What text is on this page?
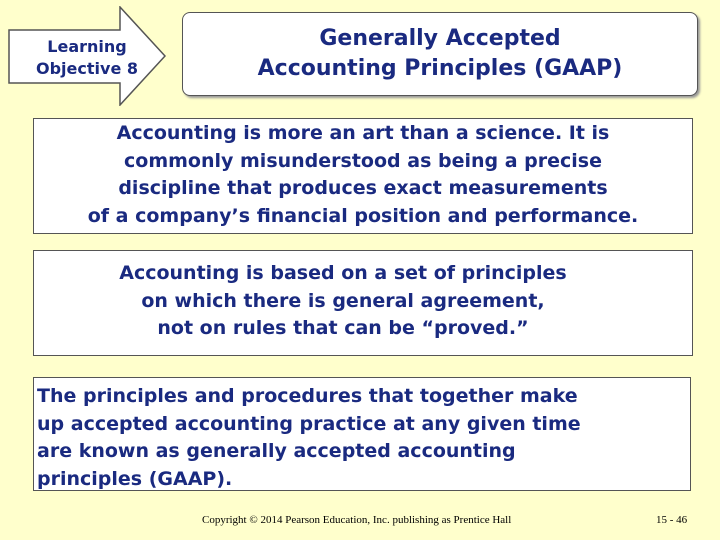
Learning
Objective 8
Generally Accepted
Accounting Principles (GAAP)
Accounting is more an art than a science. It is
commonly misunderstood as being a precise
discipline that produces exact measurements
of a company’s financial position and performance.
Accounting is based on a set of principles
on which there is general agreement,
not on rules that can be “proved.”
The principles and procedures that together make
up accepted accounting practice at any given time
are known as generally accepted accounting
principles (GAAP).
Copyright © 2014 Pearson Education, Inc. publishing as Prentice Hall	15 - 46
